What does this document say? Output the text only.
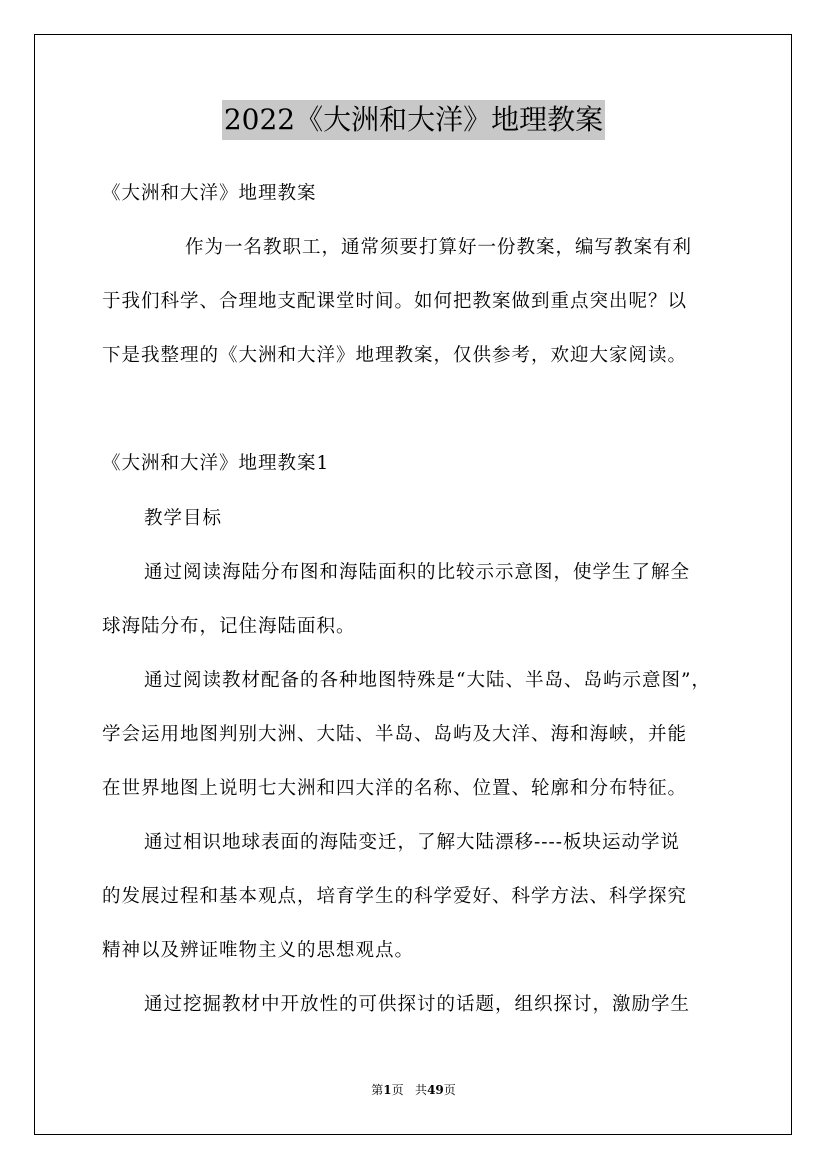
2022《大洲和大洋》地理教案
《大洲和大洋》地理教案
作为一名教职工，通常须要打算好一份教案，编写教案有利
于我们科学、合理地支配课堂时间。如何把教案做到重点突出呢？以
下是我整理的《大洲和大洋》地理教案，仅供参考，欢迎大家阅读。
《大洲和大洋》地理教案1
教学目标
通过阅读海陆分布图和海陆面积的比较示示意图，使学生了解全
球海陆分布，记住海陆面积。
通过阅读教材配备的各种地图特殊是“大陆、半岛、岛屿示意图”，
学会运用地图判别大洲、大陆、半岛、岛屿及大洋、海和海峡，并能
在世界地图上说明七大洲和四大洋的名称、位置、轮廓和分布特征。
通过相识地球表面的海陆变迁，了解大陆漂移----板块运动学说
的发展过程和基本观点，培育学生的科学爱好、科学方法、科学探究
精神以及辨证唯物主义的思想观点。
通过挖掘教材中开放性的可供探讨的话题，组织探讨，激励学生
第1页 共49页
